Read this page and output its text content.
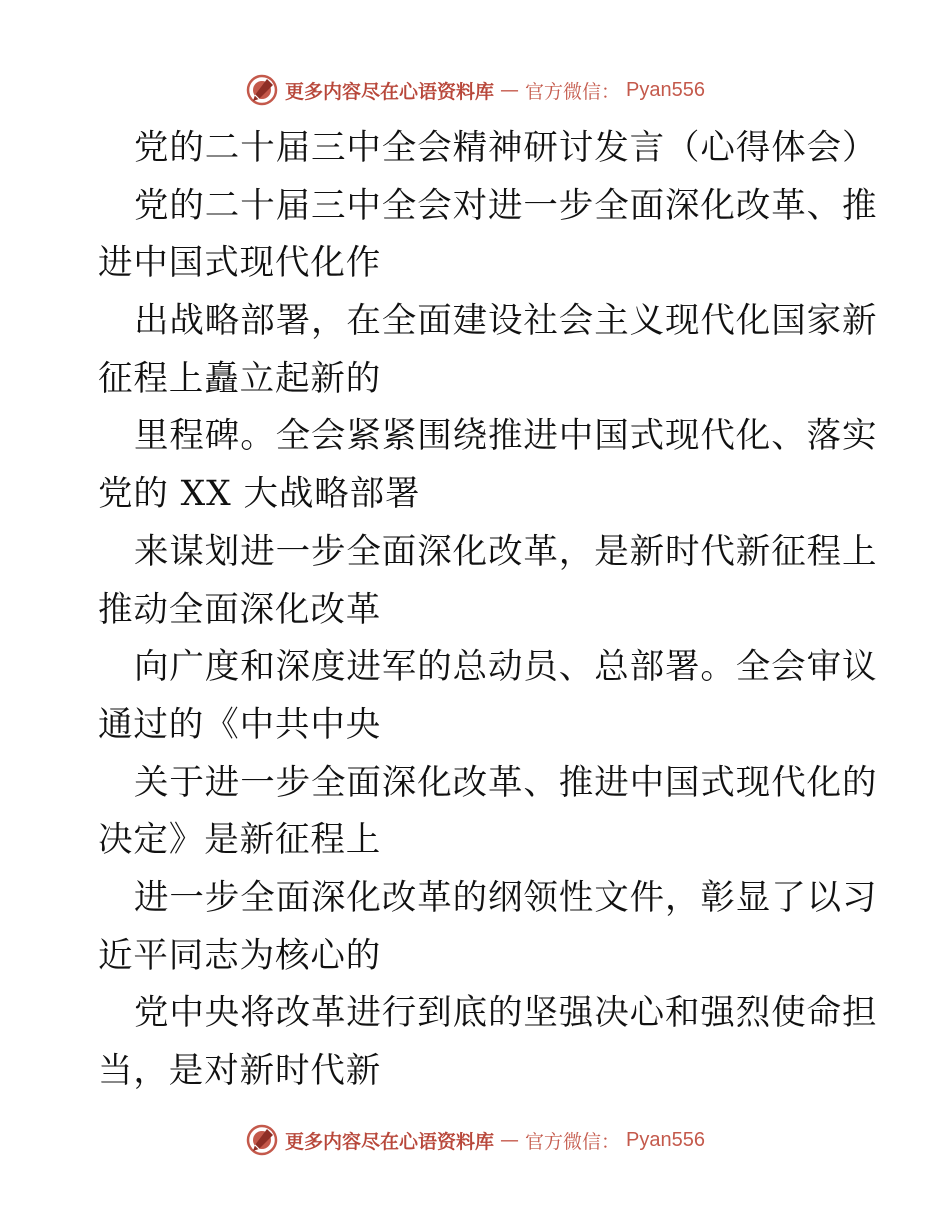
更多内容尽在心语资料库 — 官方微信： Pyan556
党的二十届三中全会精神研讨发言（心得体会）
党的二十届三中全会对进一步全面深化改革、推
进中国式现代化作
出战略部署，在全面建设社会主义现代化国家新
征程上矗立起新的
里程碑。全会紧紧围绕推进中国式现代化、落实
党的 XX 大战略部署
来谋划进一步全面深化改革，是新时代新征程上
推动全面深化改革
向广度和深度进军的总动员、总部署。全会审议
通过的《中共中央
关于进一步全面深化改革、推进中国式现代化的
决定》是新征程上
进一步全面深化改革的纲领性文件，彰显了以习
近平同志为核心的
党中央将改革进行到底的坚强决心和强烈使命担
当，是对新时代新
更多内容尽在心语资料库 — 官方微信： Pyan556
